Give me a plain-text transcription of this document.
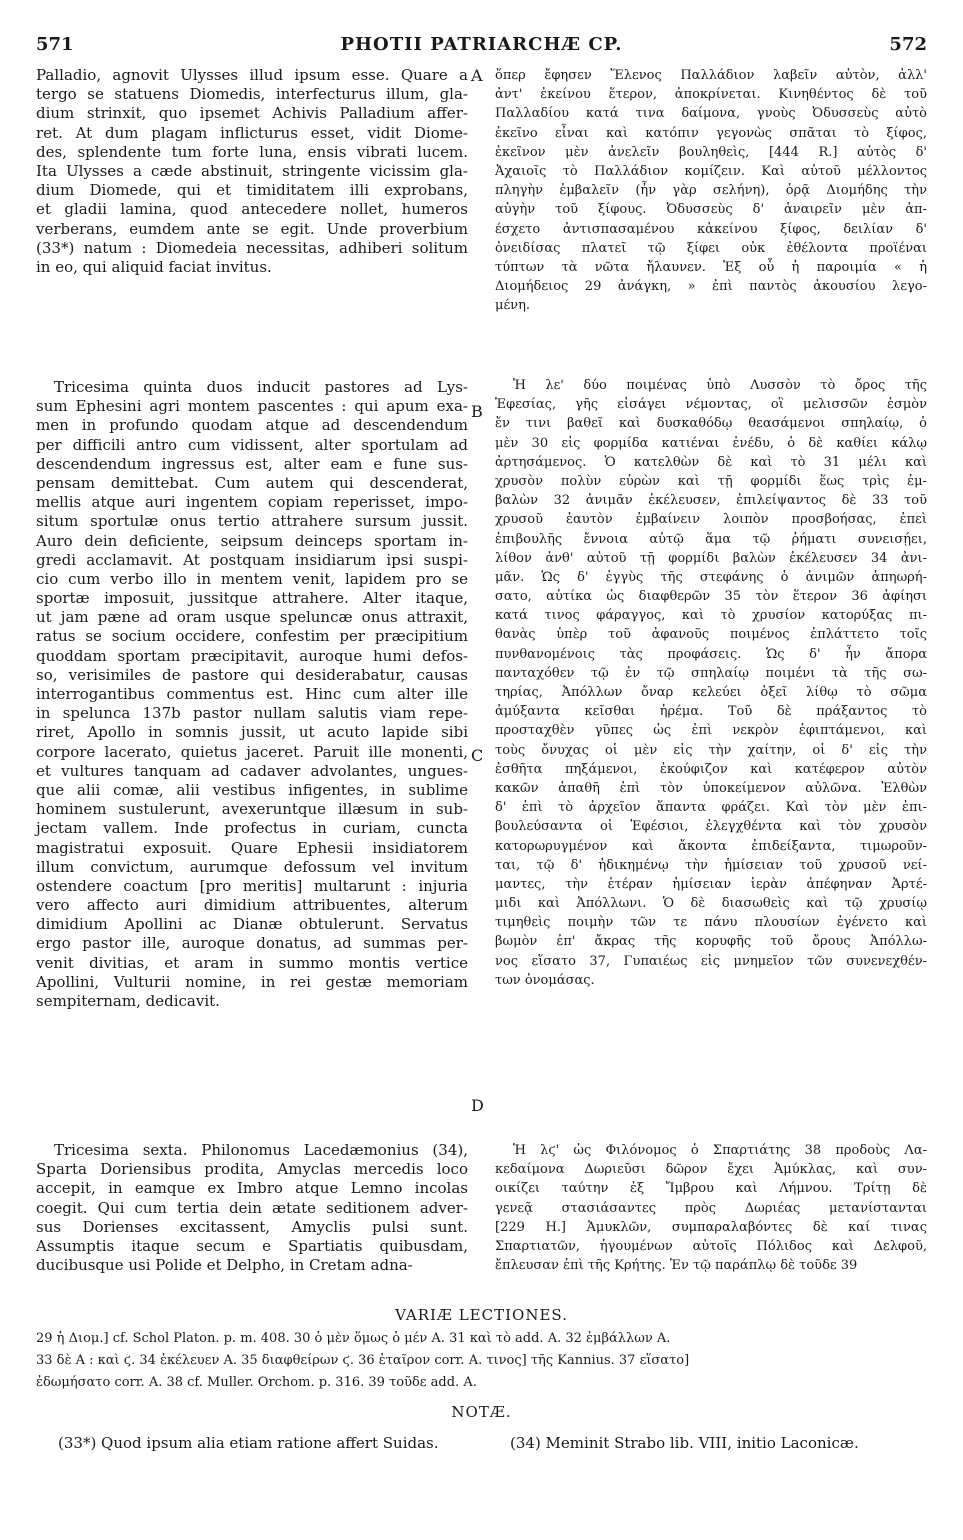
571	PHOTII PATRIARCHÆ CP.	572
A
B
C
D
Palladio, agnovit Ulysses illud ipsum esse. Quare a
tergo se statuens Diomedis, interfecturus illum, gla-
dium strinxit, quo ipsemet Achivis Palladium affer-
ret. At dum plagam inflicturus esset, vidit Diome-
des, splendente tum forte luna, ensis vibrati lucem.
Ita Ulysses a cæde abstinuit, stringente vicissim gla-
dium Diomede, qui et timiditatem illi exprobans,
et gladii lamina, quod antecedere nollet, humeros
verberans, eumdem ante se egit. Unde proverbium
(33*) natum : Diomedeia necessitas, adhiberi solitum
in eo, qui aliquid faciat invitus.
Tricesima quinta duos inducit pastores ad Lys-
sum Ephesini agri montem pascentes : qui apum exa-
men in profundo quodam atque ad descendendum
per difficili antro cum vidissent, alter sportulam ad
descendendum ingressus est, alter eam e fune sus-
pensam demittebat. Cum autem qui descenderat,
mellis atque auri ingentem copiam reperisset, impo-
situm sportulæ onus tertio attrahere sursum jussit.
Auro dein deficiente, seipsum deinceps sportam in-
gredi acclamavit. At postquam insidiarum ipsi suspi-
cio cum verbo illo in mentem venit, lapidem pro se
sportæ imposuit, jussitque attrahere. Alter itaque,
ut jam pæne ad oram usque speluncæ onus attraxit,
ratus se socium occidere, confestim per præcipitium
quoddam sportam præcipitavit, auroque humi defos-
so, verisimiles de pastore qui desiderabatur, causas
interrogantibus commentus est. Hinc cum alter ille
in spelunca 137b pastor nullam salutis viam repe-
riret, Apollo in somnis jussit, ut acuto lapide sibi
corpore lacerato, quietus jaceret. Paruit ille monenti,
et vultures tanquam ad cadaver advolantes, ungues-
que alii comæ, alii vestibus infigentes, in sublime
hominem sustulerunt, avexeruntque illæsum in sub-
jectam vallem. Inde profectus in curiam, cuncta
magistratui exposuit. Quare Ephesii insidiatorem
illum convictum, aurumque defossum vel invitum
ostendere coactum [pro meritis] multarunt : injuria
vero affecto auri dimidium attribuentes, alterum
dimidium Apollini ac Dianæ obtulerunt. Servatus
ergo pastor ille, auroque donatus, ad summas per-
venit divitias, et aram in summo montis vertice
Apollini, Vulturii nomine, in rei gestæ memoriam
sempiternam, dedicavit.
Tricesima sexta. Philonomus Lacedæmonius (34),
Sparta Doriensibus prodita, Amyclas mercedis loco
accepit, in eamque ex Imbro atque Lemno incolas
coegit. Qui cum tertia dein ætate seditionem adver-
sus Dorienses excitassent, Amyclis pulsi sunt.
Assumptis itaque secum e Spartiatis quibusdam,
ducibusque usi Polide et Delpho, in Cretam adna-
ὅπερ ἔφησεν Ἕλενος Παλλάδιον λαβεῖν αὐτὸν, ἀλλ'
ἀντ' ἐκείνου ἕτερον, ἀποκρίνεται. Κινηθέντος δὲ τοῦ
Παλλαδίου κατά τινα δαίμονα, γνοὺς Ὀδυσσεὺς αὐτὸ
ἐκεῖνο εἶναι καὶ κατόπιν γεγονὼς σπᾶται τὸ ξίφος,
ἐκεῖνον μὲν ἀνελεῖν βουληθεὶς, [444 R.] αὐτὸς δ'
Ἀχαιοῖς τὸ Παλλάδιον κομίζειν. Καὶ αὐτοῦ μέλλοντος
πληγὴν ἐμβαλεῖν (ἦν γὰρ σελήνη), ὁρᾷ Διομήδης τὴν
αὐγὴν τοῦ ξίφους. Ὀδυσσεὺς δ' ἀναιρεῖν μὲν ἀπ-
έσχετο ἀντισπασαμένου κἀκείνου ξίφος, δειλίαν δ'
ὀνειδίσας πλατεῖ τῷ ξίφει οὐκ ἐθέλοντα προϊέναι
τύπτων τὰ νῶτα ἤλαυνεν. Ἐξ οὗ ἡ παροιμία « ἡ
Διομήδειος 29 ἀνάγκη, » ἐπὶ παντὸς ἀκουσίου λεγο-
μένη.
Ἡ λε' δύο ποιμένας ὑπὸ Λυσσὸν τὸ ὄρος τῆς
Ἐφεσίας, γῆς εἰσάγει νέμοντας, οἳ μελισσῶν ἑσμὸν
ἔν τινι βαθεῖ καὶ δυσκαθόδῳ θεασάμενοι σπηλαίῳ, ὁ
μὲν 30 εἰς φορμίδα κατιέναι ἐνέδυ, ὁ δὲ καθίει κάλῳ
ἀρτησάμενος. Ὁ κατελθὼν δὲ καὶ τὸ 31 μέλι καὶ
χρυσὸν πολὺν εὑρὼν καὶ τῇ φορμίδι ἕως τρὶς ἐμ-
βαλὼν 32 ἀνιμᾶν ἐκέλευσεν, ἐπιλείψαντος δὲ 33 τοῦ
χρυσοῦ ἑαυτὸν ἐμβαίνειν λοιπὸν προσβοήσας, ἐπεὶ
ἐπιβουλῆς ἔννοια αὐτῷ ἅμα τῷ ῥήματι συνεισῄει,
λίθον ἀνθ' αὐτοῦ τῇ φορμίδι βαλὼν ἐκέλευσεν 34 ἀνι-
μᾶν. Ὡς δ' ἐγγὺς τῆς στεφάνης ὁ ἀνιμῶν ἀπηωρή-
σατο, αὐτίκα ὡς διαφθερῶν 35 τὸν ἕτερον 36 ἀφίησι
κατά τινος φάραγγος, καὶ τὸ χρυσίον κατορύξας πι-
θανὰς ὑπὲρ τοῦ ἀφανοῦς ποιμένος ἐπλάττετο τοῖς
πυνθανομένοις τὰς προφάσεις. Ὡς δ' ἦν ἄπορα
πανταχόθεν τῷ ἐν τῷ σπηλαίῳ ποιμένι τὰ τῆς σω-
τηρίας, Ἀπόλλων ὄναρ κελεύει ὀξεῖ λίθῳ τὸ σῶμα
ἀμύξαντα κεῖσθαι ἠρέμα. Τοῦ δὲ πράξαντος τὸ
προσταχθὲν γῦπες ὡς ἐπὶ νεκρὸν ἐφιπτάμενοι, καὶ
τοὺς ὄνυχας οἱ μὲν εἰς τὴν χαίτην, οἱ δ' εἰς τὴν
ἐσθῆτα πηξάμενοι, ἐκούφιζον καὶ κατέφερον αὐτὸν
κακῶν ἀπαθῆ ἐπὶ τὸν ὑποκείμενον αὐλῶνα. Ἐλθὼν
δ' ἐπὶ τὸ ἀρχεῖον ἅπαντα φράζει. Καὶ τὸν μὲν ἐπι-
βουλεύσαντα οἱ Ἐφέσιοι, ἐλεγχθέντα καὶ τὸν χρυσὸν
κατορωρυγμένον καὶ ἄκοντα ἐπιδείξαντα, τιμωροῦν-
ται, τῷ δ' ἠδικημένῳ τὴν ἡμίσειαν τοῦ χρυσοῦ νεί-
μαντες, τὴν ἑτέραν ἡμίσειαν ἱερὰν ἀπέφηναν Ἀρτέ-
μιδι καὶ Ἀπόλλωνι. Ὁ δὲ διασωθεὶς καὶ τῷ χρυσίῳ
τιμηθεὶς ποιμὴν τῶν τε πάνυ πλουσίων ἐγένετο καὶ
βωμὸν ἐπ' ἄκρας τῆς κορυφῆς τοῦ ὄρους Ἀπόλλω-
νος εἵσατο 37, Γυπαιέως εἰς μνημεῖον τῶν συνενεχθέν-
των ὀνομάσας.
Ἡ λϛ' ὡς Φιλόνομος ὁ Σπαρτιάτης 38 προδοὺς Λα-
κεδαίμονα Δωριεῦσι δῶρον ἔχει Ἀμύκλας, καὶ συν-
οικίζει ταύτην ἐξ Ἴμβρου καὶ Λήμνου. Τρίτῃ δὲ
γενεᾷ στασιάσαντες πρὸς Δωριέας μετανίστανται
[229 H.] Ἀμυκλῶν, συμπαραλαβόντες δὲ καί τινας
Σπαρτιατῶν, ἡγουμένων αὐτοῖς Πόλιδος καὶ Δελφοῦ,
ἔπλευσαν ἐπὶ τῆς Κρήτης. Ἐν τῷ παράπλῳ δὲ τοῦδε 39
VARIÆ LECTIONES.
29 ἡ Διομ.] cf. Schol Platon. p. m. 408. 30 ὁ μὲν ὅμως ὁ μέν A. 31 καὶ τὸ add. A. 32 ἐμβάλλων A.
33 δὲ A : καὶ ϛ. 34 ἐκέλευεν A. 35 διαφθείρων ϛ. 36 ἑταῖρον corr. A. τινος] τῆς Kannius. 37 εἵσατο]
ἐδωμήσατο corr. A. 38 cf. Muller. Orchom. p. 316. 39 τοῦδε add. A.
NOTÆ.
(33*) Quod ipsum alia etiam ratione affert Suidas.	(34) Meminit Strabo lib. VIII, initio Laconicæ.
